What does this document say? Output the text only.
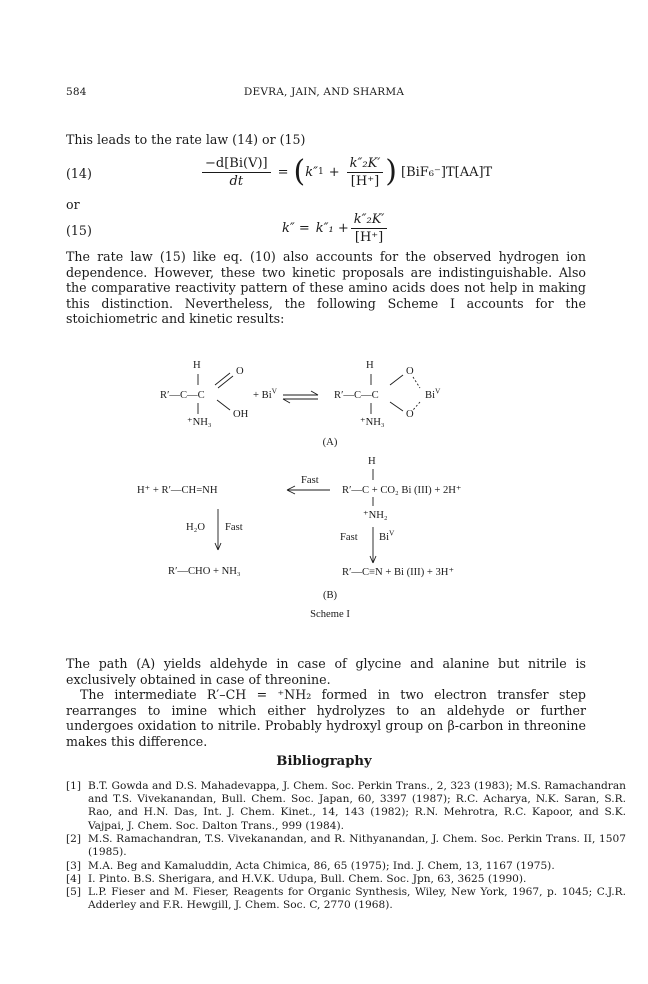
584	DEVRA, JAIN, AND SHARMA
This leads to the rate law (14) or (15)
(14)	$\frac{-d[Bi(V)]}{dt}$ = ( k″ $1 + \frac{\text{k″₂K′}}{[H^+]}$ ) [BiF₆⁻]T[AA]T
or
(15)	$k'' = k''_1 + \frac{\text{k″₂K′}}{[H^+]}$
The rate law (15) like eq. (10) also accounts for the observed hydrogen ion dependence. However, these two kinetic proposals are indistinguishable. Also the comparative reactivity pattern of these amino acids does not help in making this distinction. Nevertheless, the following Scheme I accounts for the stoichiometric and kinetic results:
H
O
R′—C—C	+ $Bi^V$
OH
⁺NH₃
H
O
R′—C—C	$Bi^V$
O
⁺NH₃
(A)
H
Fast
H⁺ + R′—CH=NH	R′—C + CO₂ Bi (III) + 2H⁺
⁺NH₂
H₂O Fast
Fast $Bi^V$
R′—CHO + NH₃	R′—C≡N + Bi (III) + 3H⁺
(B)
Scheme I
The path (A) yields aldehyde in case of glycine and alanine but nitrile is exclusively obtained in case of threonine.
The intermediate R′–CH = ⁺NH₂ formed in two electron transfer step rearranges to imine which either hydrolyzes to an aldehyde or further undergoes oxidation to nitrile. Probably hydroxyl group on β-carbon in threonine makes this difference.
Bibliography
[1] B.T. Gowda and D.S. Mahadevappa, J. Chem. Soc. Perkin Trans., 2, 323 (1983); M.S. Ramachandran and T.S. Vivekanandan, Bull. Chem. Soc. Japan, 60, 3397 (1987); R.C. Acharya, N.K. Saran, S.R. Rao, and H.N. Das, Int. J. Chem. Kinet., 14, 143 (1982); R.N. Mehrotra, R.C. Kapoor, and S.K. Vajpai, J. Chem. Soc. Dalton Trans., 999 (1984).
[2] M.S. Ramachandran, T.S. Vivekanandan, and R. Nithyanandan, J. Chem. Soc. Perkin Trans. II, 1507 (1985).
[3] M.A. Beg and Kamaluddin, Acta Chimica, 86, 65 (1975); Ind. J. Chem, 13, 1167 (1975).
[4] I. Pinto. B.S. Sherigara, and H.V.K. Udupa, Bull. Chem. Soc. Jpn, 63, 3625 (1990).
[5] L.P. Fieser and M. Fieser, Reagents for Organic Synthesis, Wiley, New York, 1967, p. 1045; C.J.R. Adderley and F.R. Hewgill, J. Chem. Soc. C, 2770 (1968).
